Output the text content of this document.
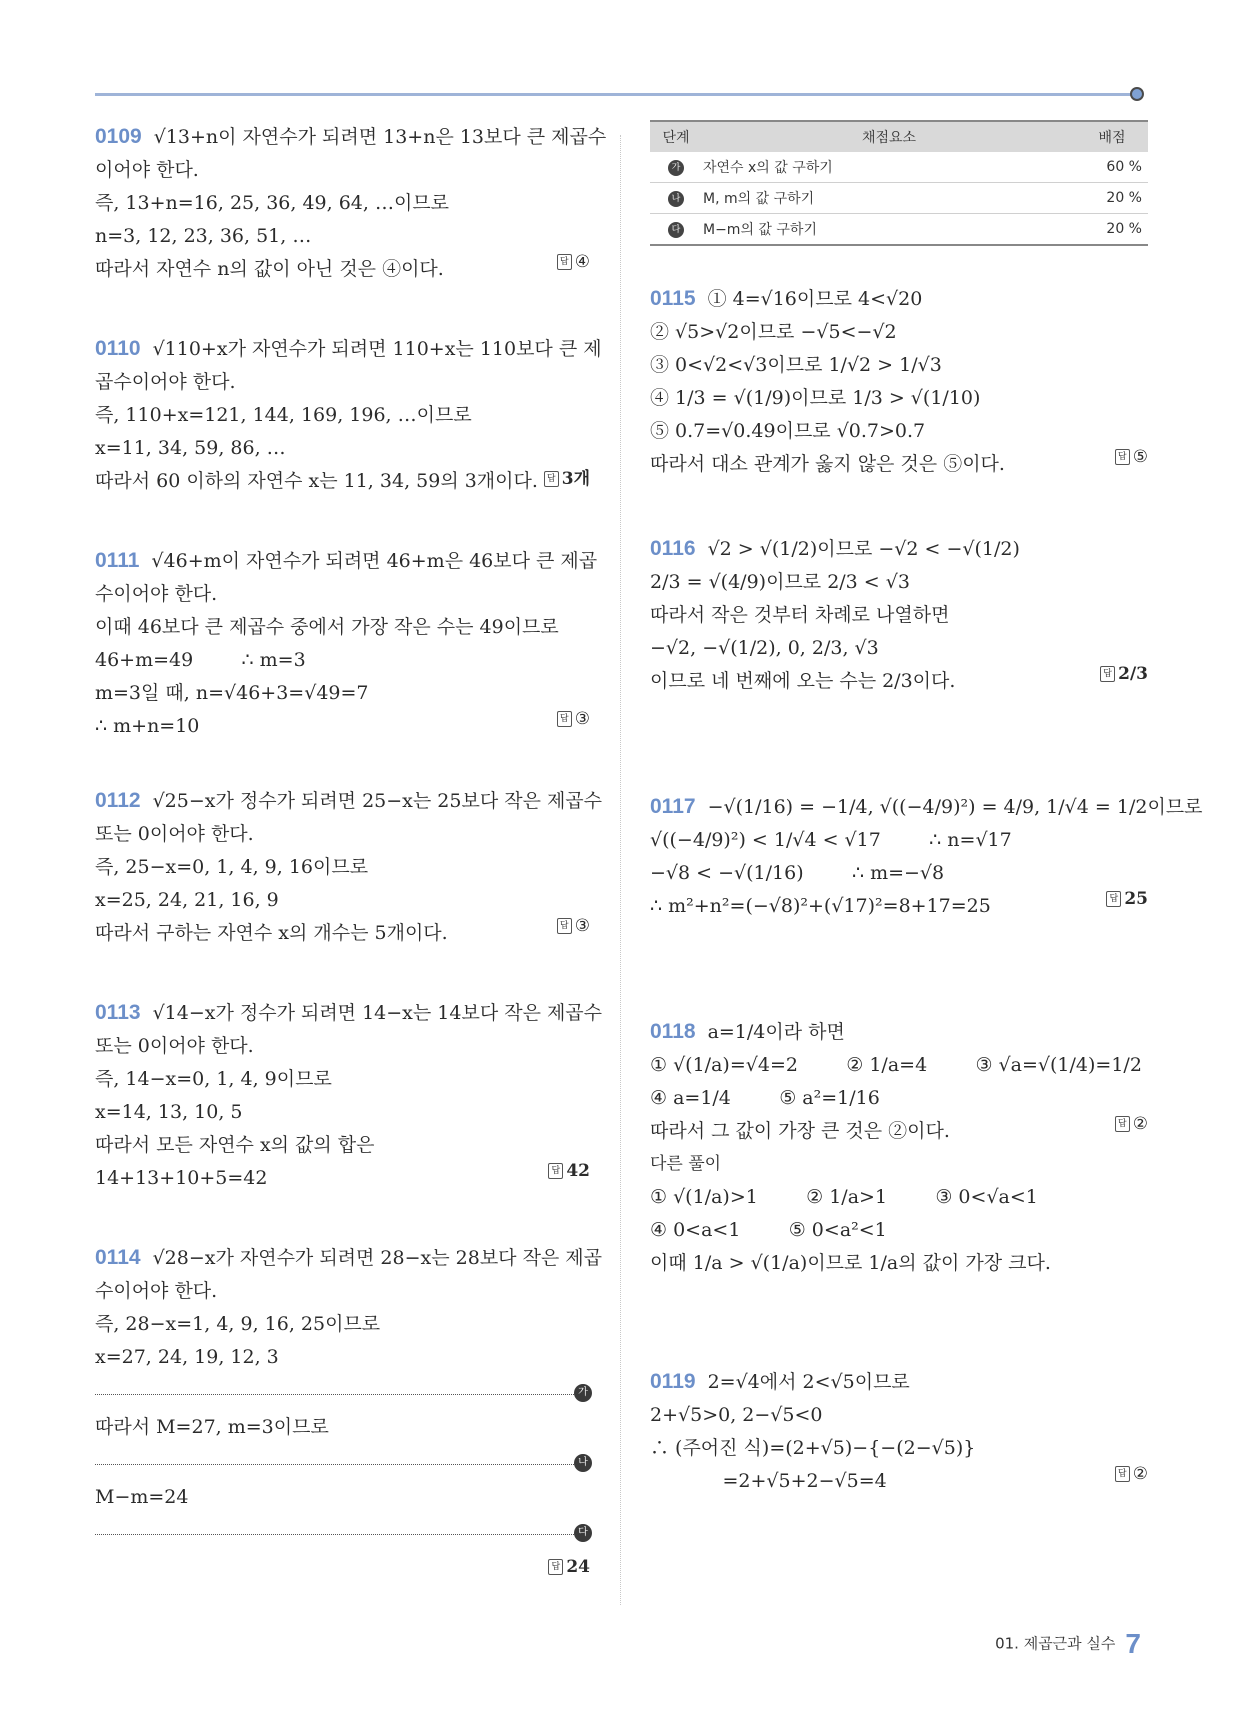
0109 √13+n이 자연수가 되려면 13+n은 13보다 큰 제곱수
이어야 한다.
즉, 13+n=16, 25, 36, 49, 64, …이므로
n=3, 12, 23, 36, 51, …
따라서 자연수 n의 값이 아닌 것은 ④이다.	답 ④
0110 √110+x가 자연수가 되려면 110+x는 110보다 큰 제
곱수이어야 한다.
즉, 110+x=121, 144, 169, 196, …이므로
x=11, 34, 59, 86, …
따라서 60 이하의 자연수 x는 11, 34, 59의 3개이다. 답 3개
0111 √46+m이 자연수가 되려면 46+m은 46보다 큰 제곱
수이어야 한다.
이때 46보다 큰 제곱수 중에서 가장 작은 수는 49이므로
46+m=49        ∴ m=3
m=3일 때, n=√46+3=√49=7
∴ m+n=10	답 ③
0112 √25−x가 정수가 되려면 25−x는 25보다 작은 제곱수
또는 0이어야 한다.
즉, 25−x=0, 1, 4, 9, 16이므로
x=25, 24, 21, 16, 9
따라서 구하는 자연수 x의 개수는 5개이다.	답 ③
0113 √14−x가 정수가 되려면 14−x는 14보다 작은 제곱수
또는 0이어야 한다.
즉, 14−x=0, 1, 4, 9이므로
x=14, 13, 10, 5
따라서 모든 자연수 x의 값의 합은
14+13+10+5=42	답 42
0114 √28−x가 자연수가 되려면 28−x는 28보다 작은 제곱
수이어야 한다.
즉, 28−x=1, 4, 9, 16, 25이므로
x=27, 24, 19, 12, 3
가
따라서 M=27, m=3이므로
나
M−m=24
다
답 24
단계	채점요소	배점
가	자연수 x의 값 구하기	60 %
나	M, m의 값 구하기	20 %
다	M−m의 값 구하기	20 %
0115 ① 4=√16이므로 4<√20
② √5>√2이므로 −√5<−√2
③ 0<√2<√3이므로 1/√2 > 1/√3
④ 1/3 = √(1/9)이므로 1/3 > √(1/10)
⑤ 0.7=√0.49이므로 √0.7>0.7
따라서 대소 관계가 옳지 않은 것은 ⑤이다.	답 ⑤
0116 √2 > √(1/2)이므로 −√2 < −√(1/2)
2/3 = √(4/9)이므로 2/3 < √3
따라서 작은 것부터 차례로 나열하면
−√2, −√(1/2), 0, 2/3, √3
이므로 네 번째에 오는 수는 2/3이다.	답 2/3
0117 −√(1/16) = −1/4, √((−4/9)²) = 4/9, 1/√4 = 1/2이므로
√((−4/9)²) < 1/√4 < √17        ∴ n=√17
−√8 < −√(1/16)        ∴ m=−√8
∴ m²+n²=(−√8)²+(√17)²=8+17=25	답 25
0118 a=1/4이라 하면
① √(1/a)=√4=2        ② 1/a=4        ③ √a=√(1/4)=1/2
④ a=1/4        ⑤ a²=1/16
따라서 그 값이 가장 큰 것은 ②이다.
다른 풀이
① √(1/a)>1        ② 1/a>1        ③ 0<√a<1
④ 0<a<1        ⑤ 0<a²<1
이때 1/a > √(1/a)이므로 1/a의 값이 가장 크다.
답 ②
0119 2=√4에서 2<√5이므로
2+√5>0, 2−√5<0
∴ (주어진 식)=(2+√5)−{−(2−√5)}
=2+√5+2−√5=4	답 ②
01. 제곱근과 실수 7
